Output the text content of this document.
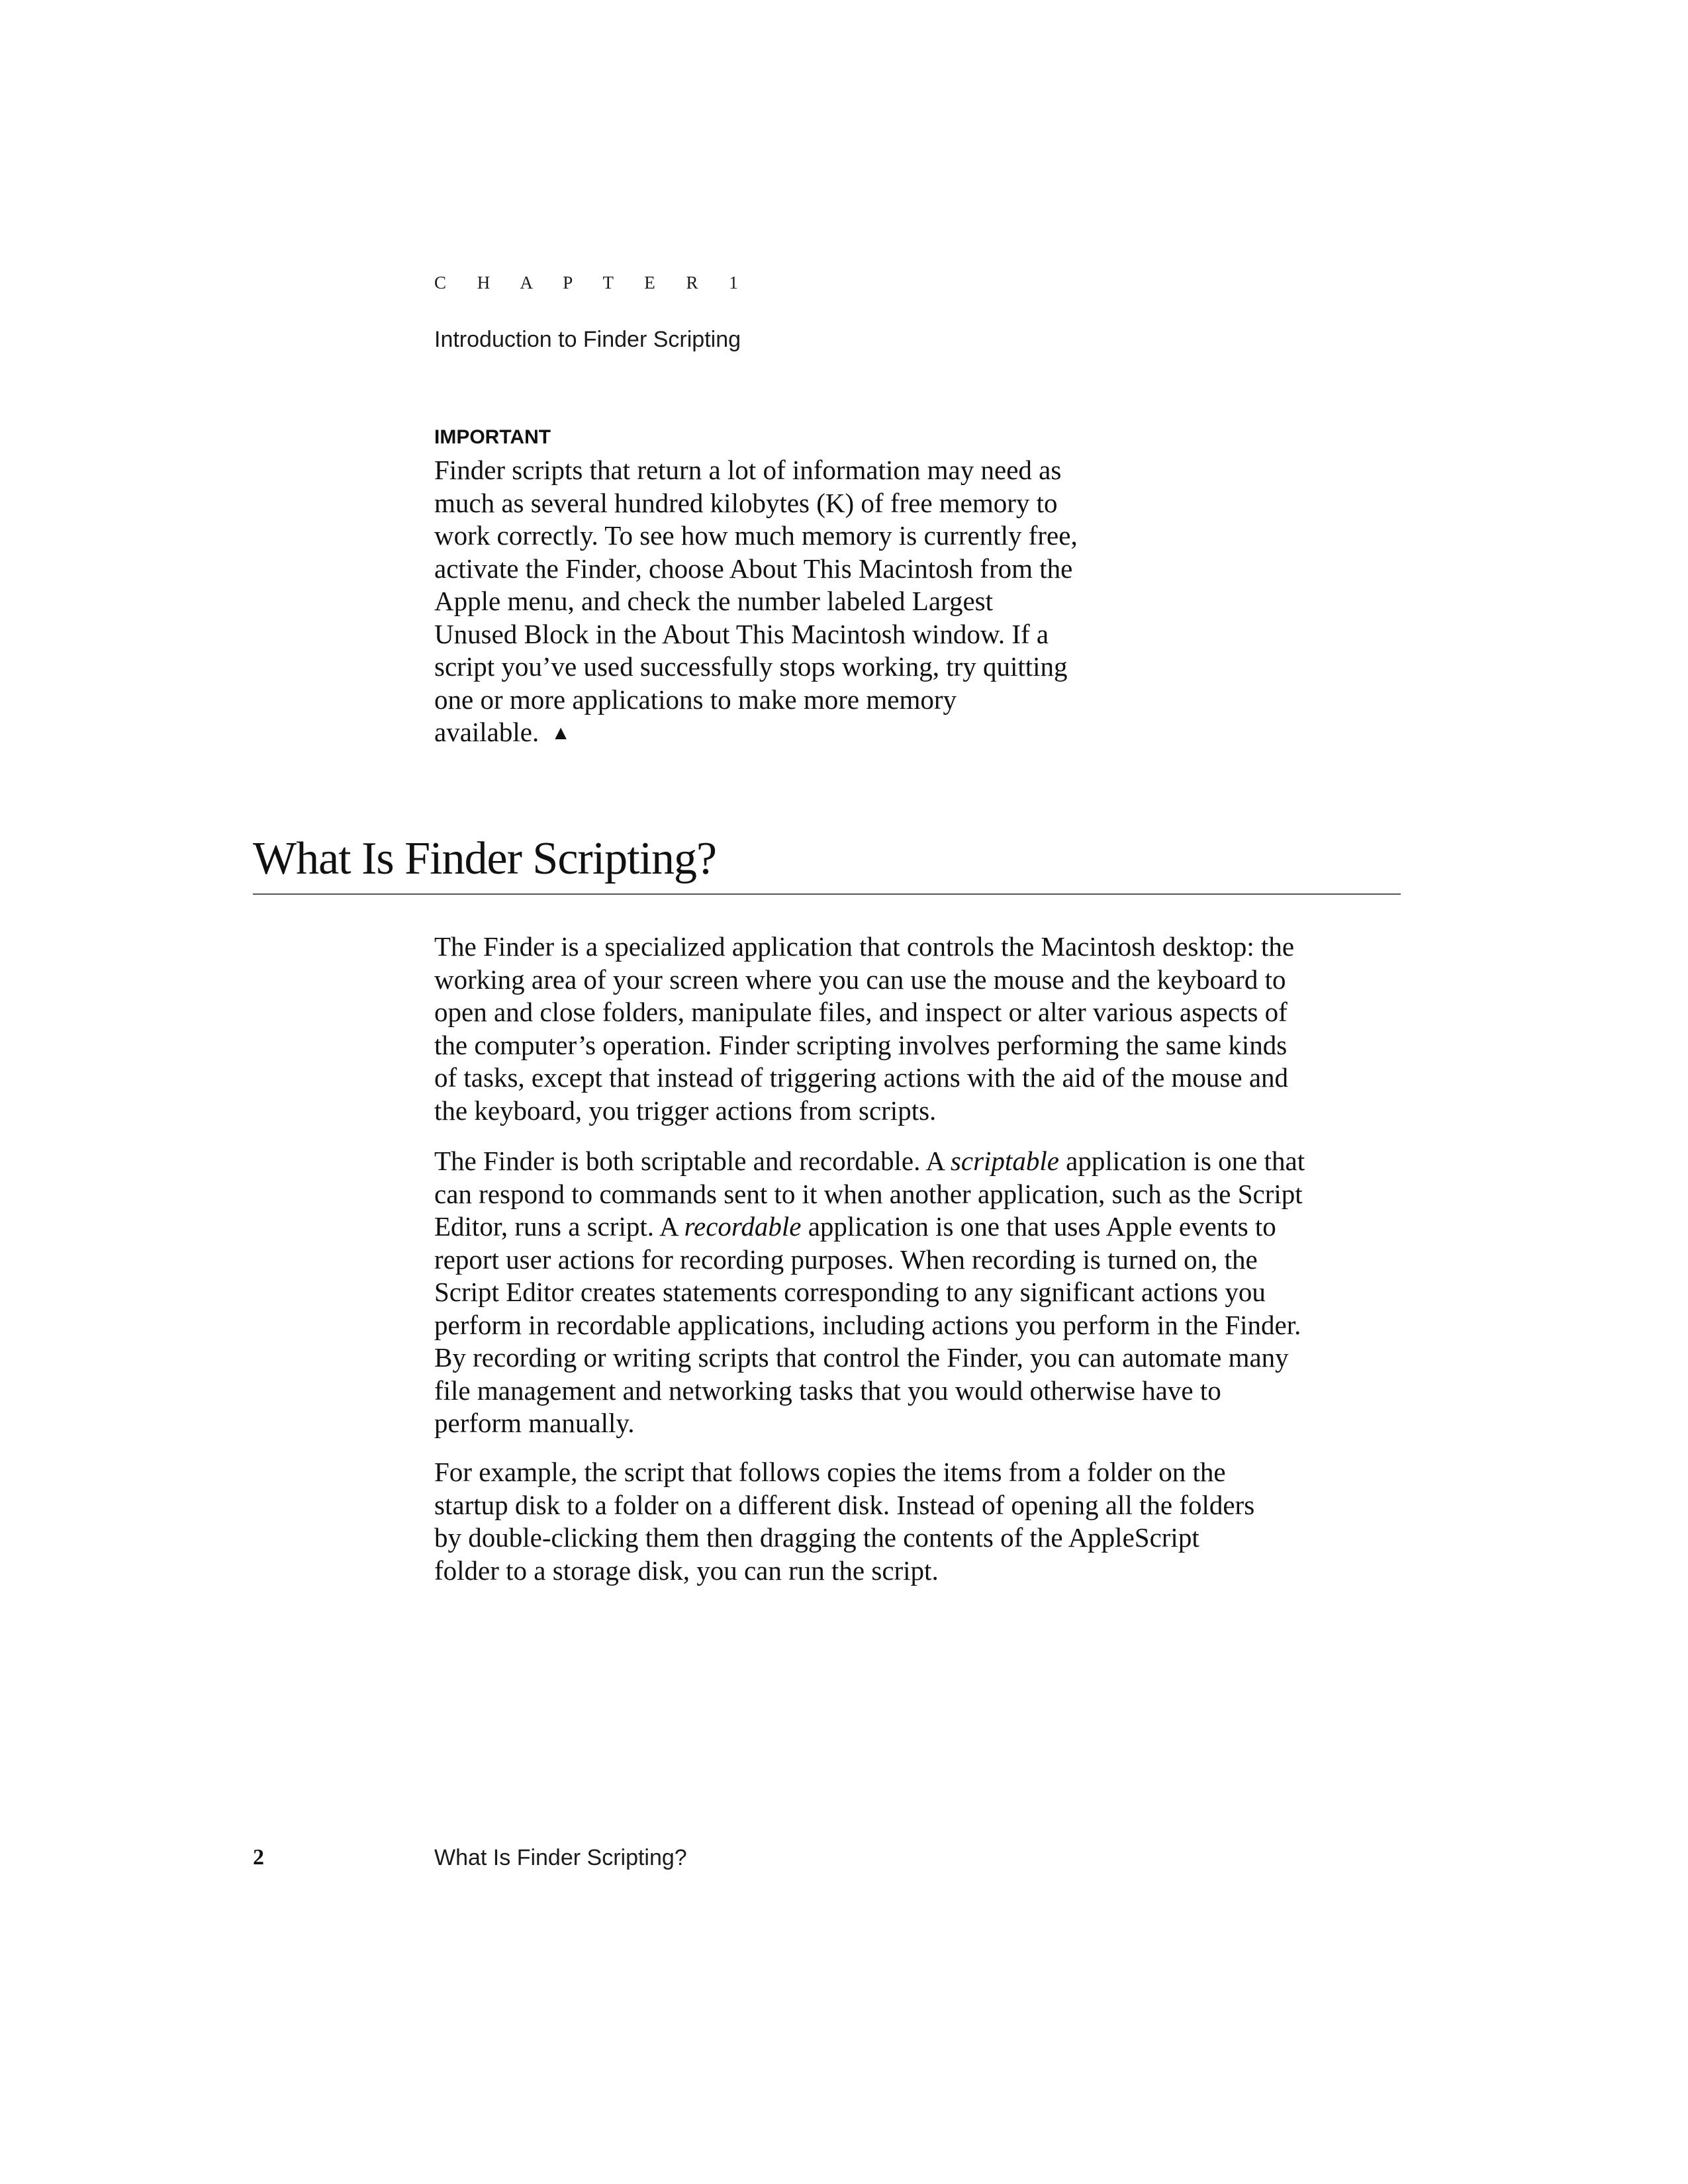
C H A P T E R 1
Introduction to Finder Scripting
IMPORTANT
Finder scripts that return a lot of information may need as
much as several hundred kilobytes (K) of free memory to
work correctly. To see how much memory is currently free,
activate the Finder, choose About This Macintosh from the
Apple menu, and check the number labeled Largest
Unused Block in the About This Macintosh window. If a
script you’ve used successfully stops working, try quitting
one or more applications to make more memory
available. ▲
What Is Finder Scripting?
The Finder is a specialized application that controls the Macintosh desktop: the
working area of your screen where you can use the mouse and the keyboard to
open and close folders, manipulate files, and inspect or alter various aspects of
the computer’s operation. Finder scripting involves performing the same kinds
of tasks, except that instead of triggering actions with the aid of the mouse and
the keyboard, you trigger actions from scripts.
The Finder is both scriptable and recordable. A scriptable application is one that
can respond to commands sent to it when another application, such as the Script
Editor, runs a script. A recordable application is one that uses Apple events to
report user actions for recording purposes. When recording is turned on, the
Script Editor creates statements corresponding to any significant actions you
perform in recordable applications, including actions you perform in the Finder.
By recording or writing scripts that control the Finder, you can automate many
file management and networking tasks that you would otherwise have to
perform manually.
For example, the script that follows copies the items from a folder on the
startup disk to a folder on a different disk. Instead of opening all the folders
by double-clicking them then dragging the contents of the AppleScript
folder to a storage disk, you can run the script.
2	What Is Finder Scripting?
